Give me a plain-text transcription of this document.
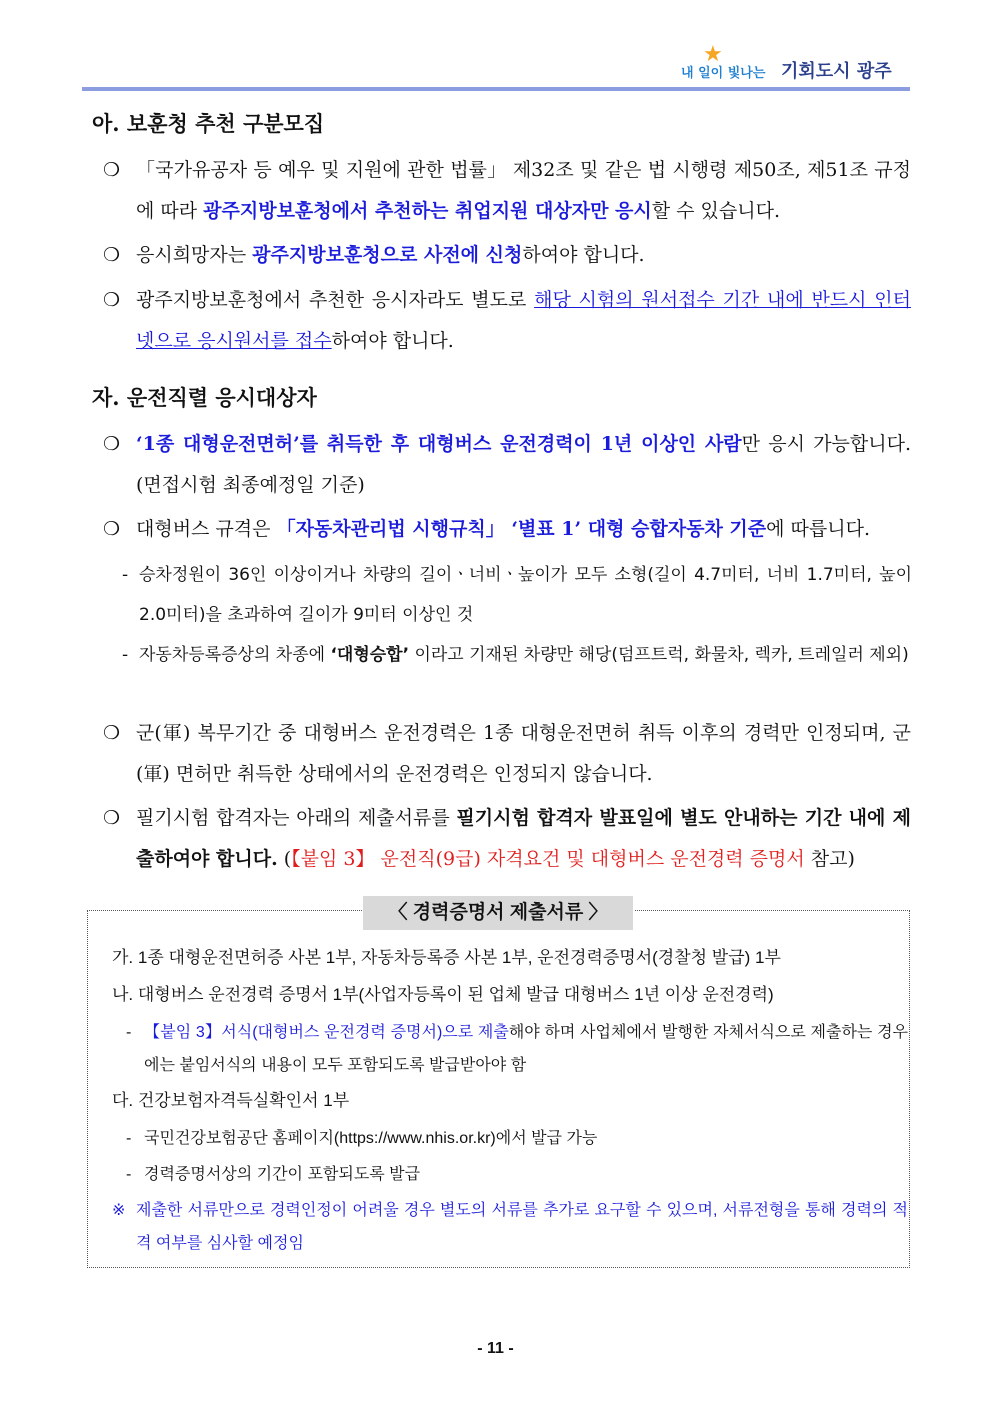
★
내 일이 빛나는 기회도시 광주
아. 보훈청 추천 구분모집
❍ 「국가유공자 등 예우 및 지원에 관한 법률」 제32조 및 같은 법 시행령 제50조, 제51조 규정에 따라 광주지방보훈청에서 추천하는 취업지원 대상자만 응시할 수 있습니다.
❍ 응시희망자는 광주지방보훈청으로 사전에 신청하여야 합니다.
❍ 광주지방보훈청에서 추천한 응시자라도 별도로 해당 시험의 원서접수 기간 내에 반드시 인터넷으로 응시원서를 접수하여야 합니다.
자. 운전직렬 응시대상자
❍ ‘1종 대형운전면허’를 취득한 후 대형버스 운전경력이 1년 이상인 사람만 응시 가능합니다.(면접시험 최종예정일 기준)
❍ 대형버스 규격은 「자동차관리법 시행규칙」 ‘별표 1’ 대형 승합자동차 기준에 따릅니다.
- 승차정원이 36인 이상이거나 차량의 길이ㆍ너비ㆍ높이가 모두 소형(길이 4.7미터, 너비 1.7미터, 높이 2.0미터)을 초과하여 길이가 9미터 이상인 것
- 자동차등록증상의 차종에 ‘대형승합’ 이라고 기재된 차량만 해당(덤프트럭, 화물차, 렉카, 트레일러 제외)
❍ 군(軍) 복무기간 중 대형버스 운전경력은 1종 대형운전면허 취득 이후의 경력만 인정되며, 군(軍) 면허만 취득한 상태에서의 운전경력은 인정되지 않습니다.
❍ 필기시험 합격자는 아래의 제출서류를 필기시험 합격자 발표일에 별도 안내하는 기간 내에 제출하여야 합니다. (【붙임 3】 운전직(9급) 자격요건 및 대형버스 운전경력 증명서 참고)
〈 경력증명서 제출서류 〉
가. 1종 대형운전면허증 사본 1부, 자동차등록증 사본 1부, 운전경력증명서(경찰청 발급) 1부
나. 대형버스 운전경력 증명서 1부(사업자등록이 된 업체 발급 대형버스 1년 이상 운전경력)
- 【붙임 3】서식(대형버스 운전경력 증명서)으로 제출해야 하며 사업체에서 발행한 자체서식으로 제출하는 경우에는 붙임서식의 내용이 모두 포함되도록 발급받아야 함
다. 건강보험자격득실확인서 1부
- 국민건강보험공단 홈페이지(https://www.nhis.or.kr)에서 발급 가능
- 경력증명서상의 기간이 포함되도록 발급
※ 제출한 서류만으로 경력인정이 어려울 경우 별도의 서류를 추가로 요구할 수 있으며, 서류전형을 통해 경력의 적격 여부를 심사할 예정임
- 11 -
